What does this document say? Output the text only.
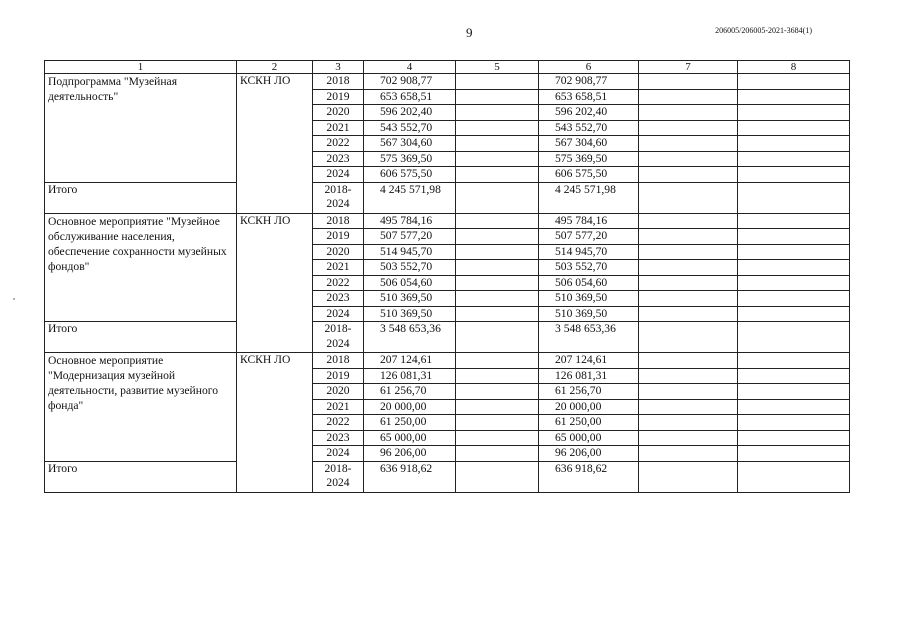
9	206005/206005-2021-3684(1)
1	2	3	4	5	6	7	8
Подпрограмма "Музейная деятельность"	КСКН ЛО	2018	702 908,77		702 908,77		
		2019	653 658,51		653 658,51		
		2020	596 202,40		596 202,40		
		2021	543 552,70		543 552,70		
		2022	567 304,60		567 304,60		
		2023	575 369,50		575 369,50		
		2024	606 575,50		606 575,50		
Итого		2018-2024	4 245 571,98		4 245 571,98		
Основное мероприятие "Музейное обслуживание населения, обеспечение сохранности музейных фондов"	КСКН ЛО	2018	495 784,16		495 784,16		
		2019	507 577,20		507 577,20		
		2020	514 945,70		514 945,70		
		2021	503 552,70		503 552,70		
		2022	506 054,60		506 054,60		
		2023	510 369,50		510 369,50		
		2024	510 369,50		510 369,50		
Итого		2018-2024	3 548 653,36		3 548 653,36		
Основное мероприятие "Модернизация музейной деятельности, развитие музейного фонда"	КСКН ЛО	2018	207 124,61		207 124,61		
		2019	126 081,31		126 081,31		
		2020	61 256,70		61 256,70		
		2021	20 000,00		20 000,00		
		2022	61 250,00		61 250,00		
		2023	65 000,00		65 000,00		
		2024	96 206,00		96 206,00		
Итого		2018-2024	636 918,62		636 918,62		
